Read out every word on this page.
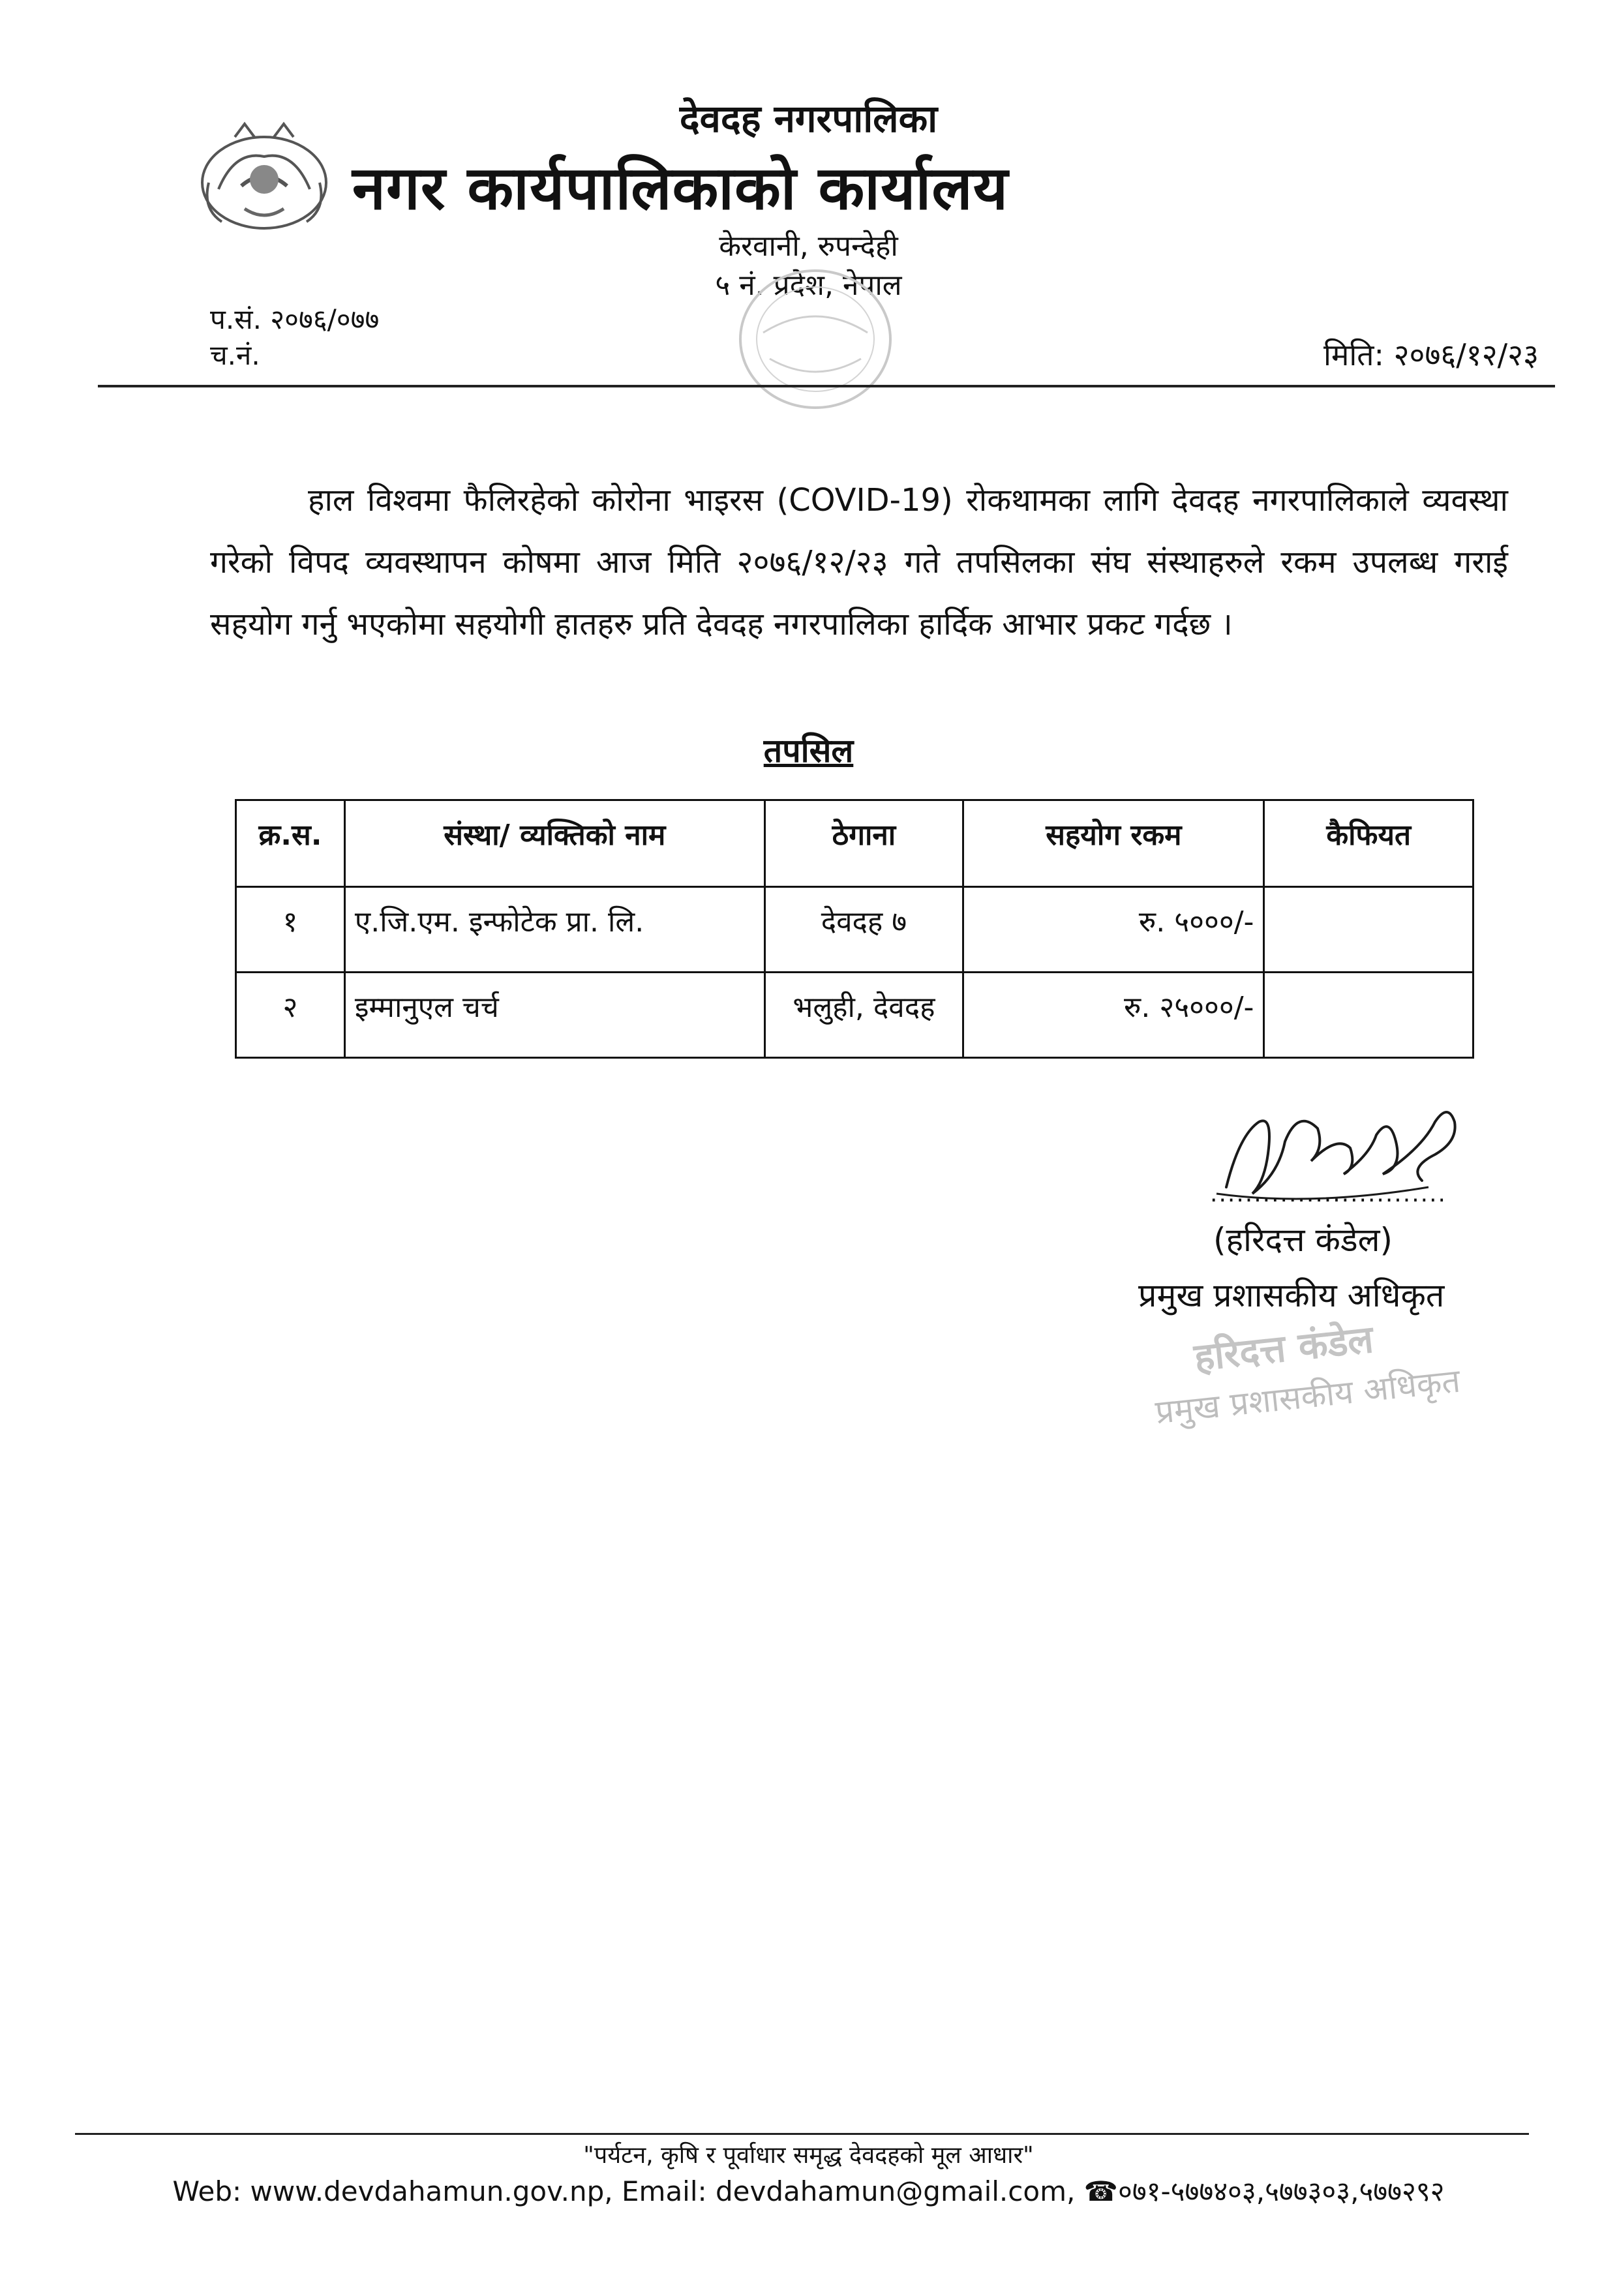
देवदह नगरपालिका
नगर कार्यपालिकाको कार्यालय
केरवानी, रुपन्देही
५ नं. प्रदेश, नेपाल
प.सं. २०७६/०७७
च.नं.	मिति: २०७६/१२/२३
हाल विश्वमा फैलिरहेको कोरोना भाइरस (COVID-19) रोकथामका लागि देवदह नगरपालिकाले व्यवस्था गरेको विपद व्यवस्थापन कोषमा आज मिति २०७६/१२/२३ गते तपसिलका संघ संस्थाहरुले रकम उपलब्ध गराई सहयोग गर्नु भएकोमा सहयोगी हातहरु प्रति देवदह नगरपालिका हार्दिक आभार प्रकट गर्दछ ।
तपसिल
क्र.स.	संस्था/ व्यक्तिको नाम	ठेगाना	सहयोग रकम	कैफियत
१	ए.जि.एम. इन्फोटेक प्रा. लि.	देवदह ७	रु. ५०००/-	
२	इम्मानुएल चर्च	भलुही, देवदह	रु. २५०००/-	
...........................
(हरिदत्त कंडेल)
प्रमुख प्रशासकीय अधिकृत
हरिदत्त कंडेल
प्रमुख प्रशासकीय अधिकृत
"पर्यटन, कृषि र पूर्वाधार समृद्ध देवदहको मूल आधार"
Web: www.devdahamun.gov.np, Email: devdahamun@gmail.com, ☎०७१-५७७४०३,५७७३०३,५७७२९२
